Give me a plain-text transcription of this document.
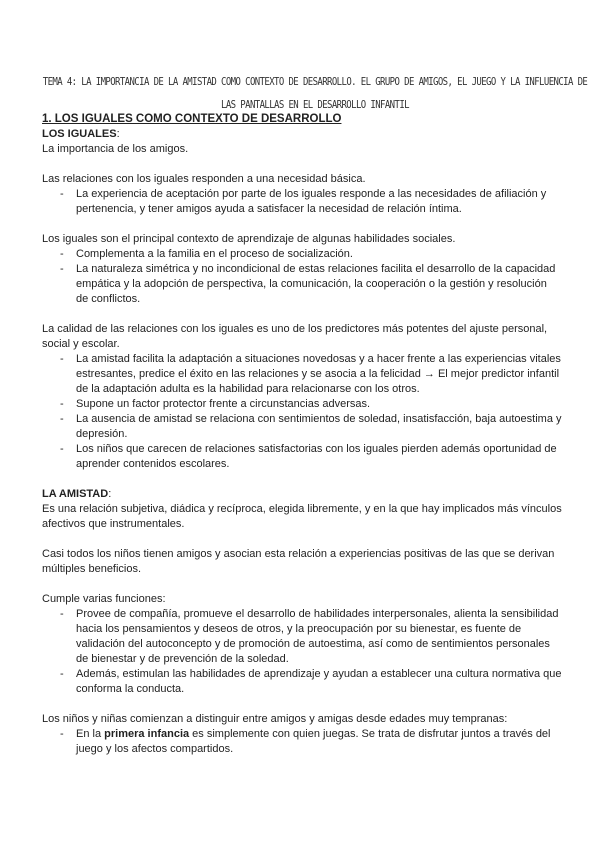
TEMA 4: LA IMPORTANCIA DE LA AMISTAD COMO CONTEXTO DE DESARROLLO. EL GRUPO DE AMIGOS, EL JUEGO Y LA INFLUENCIA DE LAS PANTALLAS EN EL DESARROLLO INFANTIL

1. LOS IGUALES COMO CONTEXTO DE DESARROLLO

LOS IGUALES:

La importancia de los amigos.

Las relaciones con los iguales responden a una necesidad básica.

- La experiencia de aceptación por parte de los iguales responde a las necesidades de afiliación y pertenencia, y tener amigos ayuda a satisfacer la necesidad de relación íntima.

Los iguales son el principal contexto de aprendizaje de algunas habilidades sociales.

- Complementa a la familia en el proceso de socialización.
- La naturaleza simétrica y no incondicional de estas relaciones facilita el desarrollo de la capacidad empática y la adopción de perspectiva, la comunicación, la cooperación o la gestión y resolución de conflictos.

La calidad de las relaciones con los iguales es uno de los predictores más potentes del ajuste personal, social y escolar.

- La amistad facilita la adaptación a situaciones novedosas y a hacer frente a las experiencias vitales estresantes, predice el éxito en las relaciones y se asocia a la felicidad → El mejor predictor infantil de la adaptación adulta es la habilidad para relacionarse con los otros.
- Supone un factor protector frente a circunstancias adversas.
- La ausencia de amistad se relaciona con sentimientos de soledad, insatisfacción, baja autoestima y depresión.
- Los niños que carecen de relaciones satisfactorias con los iguales pierden además oportunidad de aprender contenidos escolares.

LA AMISTAD:

Es una relación subjetiva, diádica y recíproca, elegida libremente, y en la que hay implicados más vínculos afectivos que instrumentales.

Casi todos los niños tienen amigos y asocian esta relación a experiencias positivas de las que se derivan múltiples beneficios.

Cumple varias funciones:

- Provee de compañía, promueve el desarrollo de habilidades interpersonales, alienta la sensibilidad hacia los pensamientos y deseos de otros, y la preocupación por su bienestar, es fuente de validación del autoconcepto y de promoción de autoestima, así como de sentimientos personales de bienestar y de prevención de la soledad.
- Además, estimulan las habilidades de aprendizaje y ayudan a establecer una cultura normativa que conforma la conducta.

Los niños y niñas comienzan a distinguir entre amigos y amigas desde edades muy tempranas:

- En la primera infancia es simplemente con quien juegas. Se trata de disfrutar juntos a través del juego y los afectos compartidos.
